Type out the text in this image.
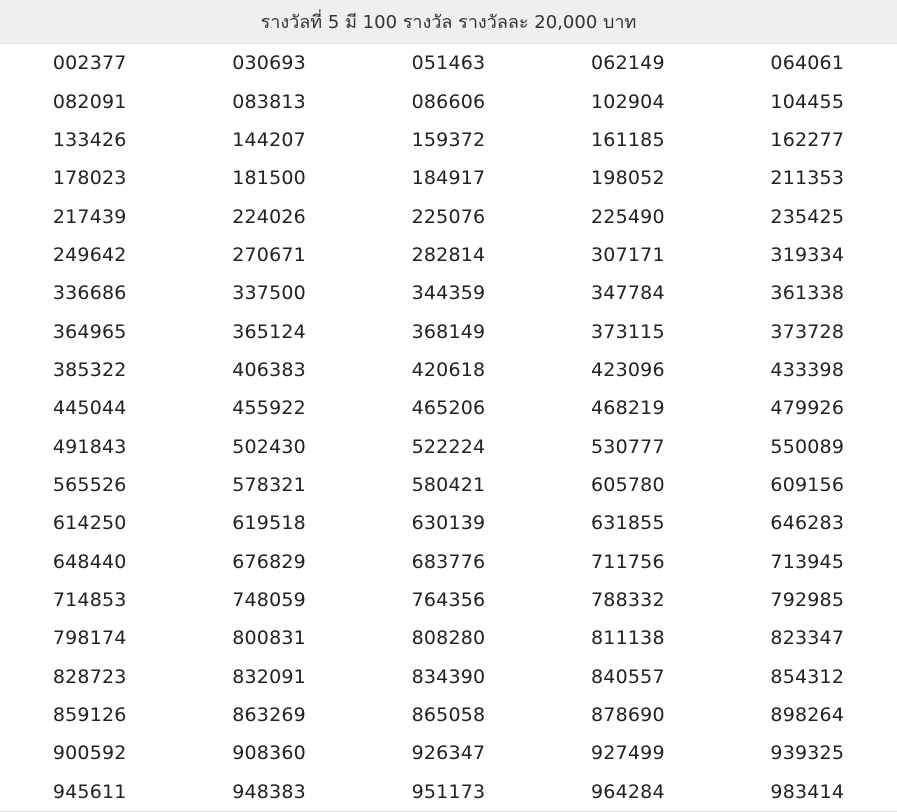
รางวัลที่ 5 มี 100 รางวัล รางวัลละ 20,000 บาท				
002377	030693	051463	062149	064061
082091	083813	086606	102904	104455
133426	144207	159372	161185	162277
178023	181500	184917	198052	211353
217439	224026	225076	225490	235425
249642	270671	282814	307171	319334
336686	337500	344359	347784	361338
364965	365124	368149	373115	373728
385322	406383	420618	423096	433398
445044	455922	465206	468219	479926
491843	502430	522224	530777	550089
565526	578321	580421	605780	609156
614250	619518	630139	631855	646283
648440	676829	683776	711756	713945
714853	748059	764356	788332	792985
798174	800831	808280	811138	823347
828723	832091	834390	840557	854312
859126	863269	865058	878690	898264
900592	908360	926347	927499	939325
945611	948383	951173	964284	983414
